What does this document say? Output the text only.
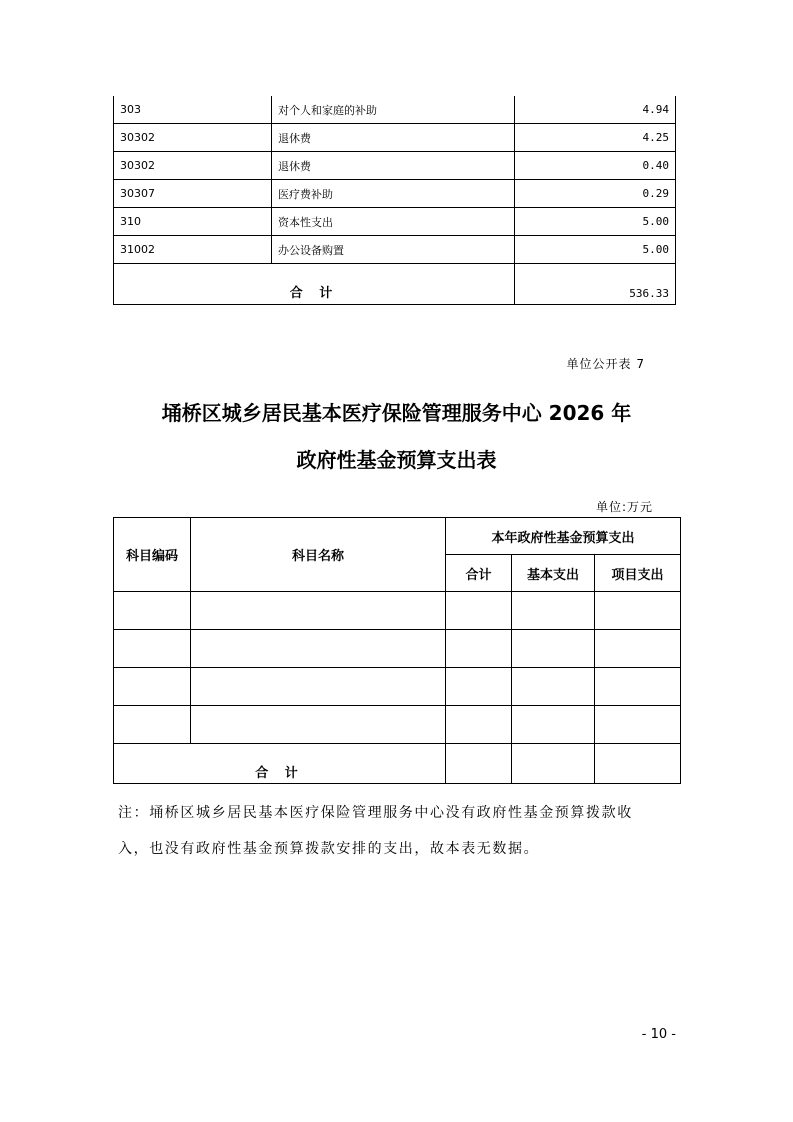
303	对个人和家庭的补助	4.94
30302	退休费	4.25
30302	退休费	0.40
30307	医疗费补助	0.29
310	资本性支出	5.00
31002	办公设备购置	5.00
合 计		536.33
单位公开表 7
埇桥区城乡居民基本医疗保险管理服务中心 2026 年
政府性基金预算支出表
单位:万元
科目编码	科目名称	本年政府性基金预算支出		
		合计	基本支出	项目支出

合 计				
注：埇桥区城乡居民基本医疗保险管理服务中心没有政府性基金预算拨款收
入，也没有政府性基金预算拨款安排的支出，故本表无数据。
- 10 -
